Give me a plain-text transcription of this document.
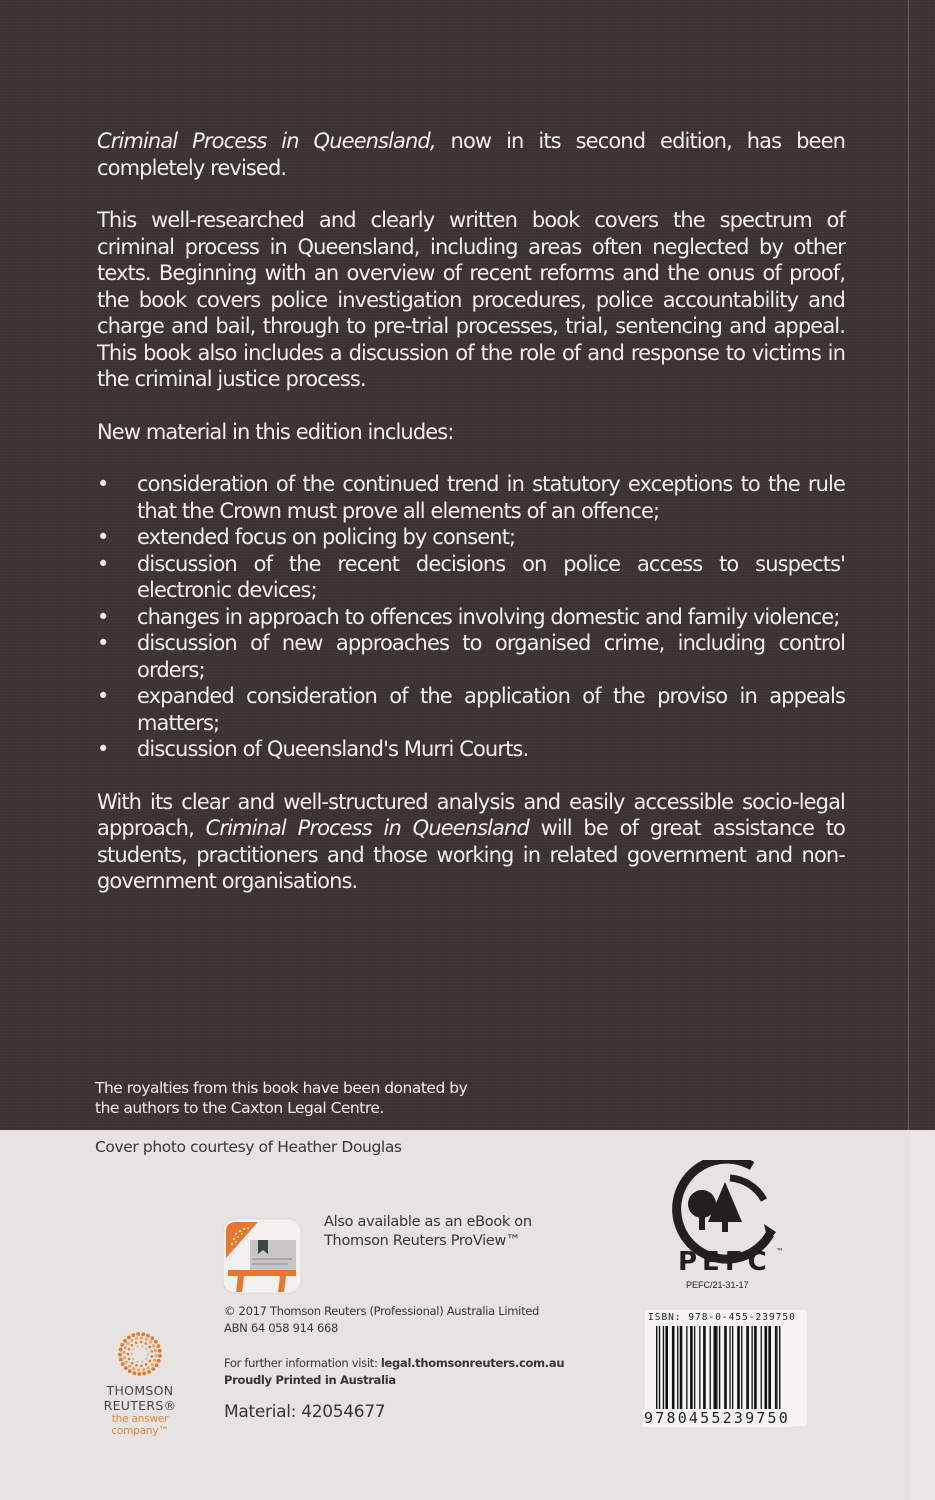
Criminal Process in Queensland, now in its second edition, has been completely revised.

This well-researched and clearly written book covers the spectrum of criminal process in Queensland, including areas often neglected by other texts. Beginning with an overview of recent reforms and the onus of proof, the book covers police investigation procedures, police accountability and charge and bail, through to pre-trial processes, trial, sentencing and appeal. This book also includes a discussion of the role of and response to victims in the criminal justice process.

New material in this edition includes:

•	consideration of the continued trend in statutory exceptions to the rule that the Crown must prove all elements of an offence;
•	extended focus on policing by consent;
•	discussion of the recent decisions on police access to suspects' electronic devices;
•	changes in approach to offences involving domestic and family violence;
•	discussion of new approaches to organised crime, including control orders;
•	expanded consideration of the application of the proviso in appeals matters;
•	discussion of Queensland's Murri Courts.

With its clear and well-structured analysis and easily accessible socio-legal approach, Criminal Process in Queensland will be of great assistance to students, practitioners and those working in related government and non-government organisations.

The royalties from this book have been donated by
the authors to the Caxton Legal Centre.
Cover photo courtesy of Heather Douglas
Also available as an eBook on
Thomson Reuters ProView™
© 2017 Thomson Reuters (Professional) Australia Limited
ABN 64 058 914 668
For further information visit: legal.thomsonreuters.com.au
Proudly Printed in Australia
Material: 42054677
THOMSON
REUTERS®
the answer company™
PEFC ™
PEFC/21-31-17
ISBN: 978-0-455-239750
9780455239750
